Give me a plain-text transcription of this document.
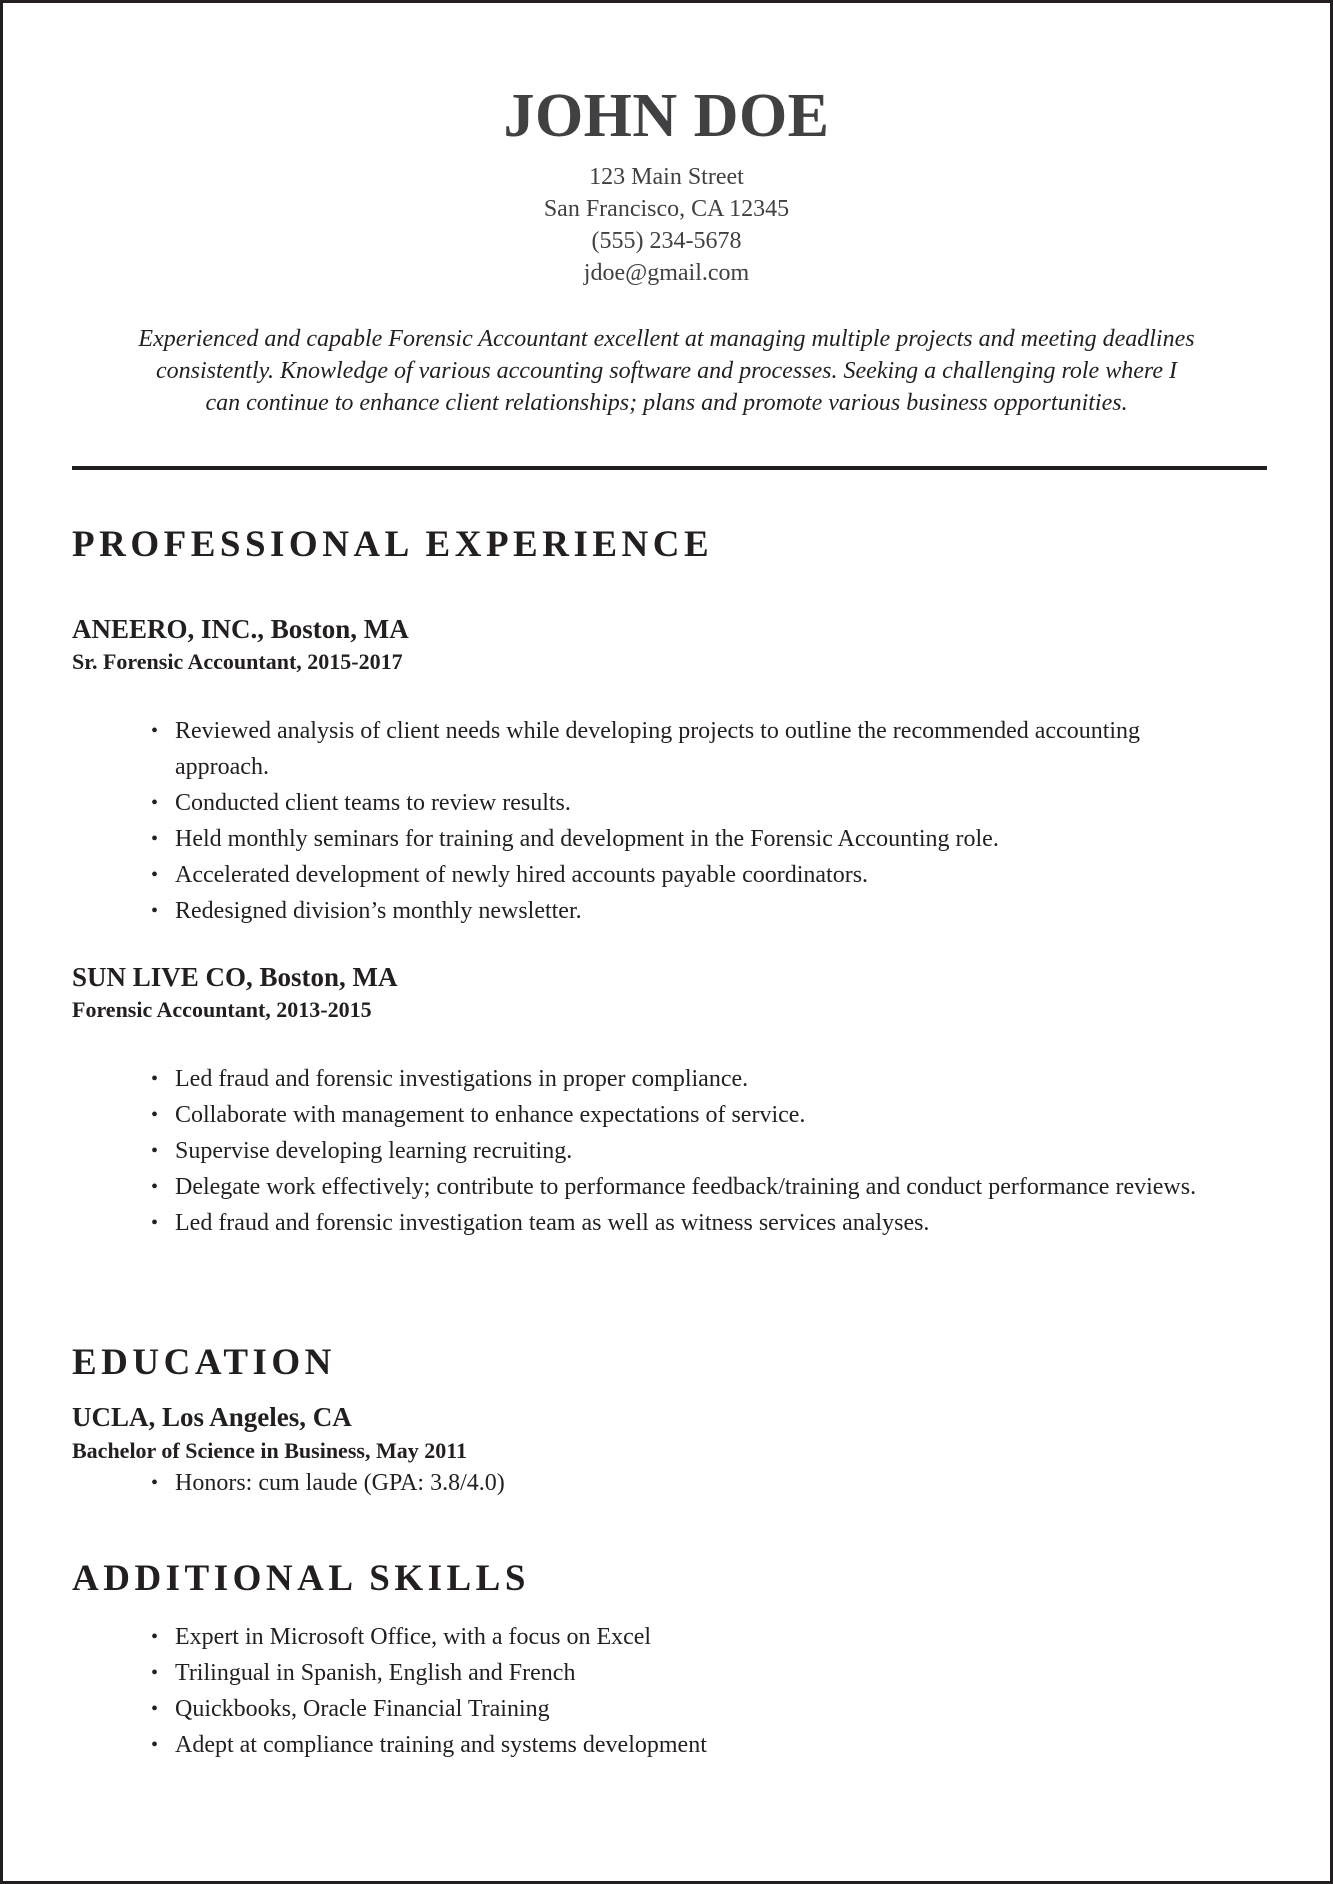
JOHN DOE
123 Main Street
San Francisco, CA 12345
(555) 234-5678
jdoe@gmail.com
Experienced and capable Forensic Accountant excellent at managing multiple projects and meeting deadlines
consistently. Knowledge of various accounting software and processes. Seeking a challenging role where I
can continue to enhance client relationships; plans and promote various business opportunities.
PROFESSIONAL EXPERIENCE
ANEERO, INC., Boston, MA
Sr. Forensic Accountant, 2015-2017
• Reviewed analysis of client needs while developing projects to outline the recommended accounting approach.
• Conducted client teams to review results.
• Held monthly seminars for training and development in the Forensic Accounting role.
• Accelerated development of newly hired accounts payable coordinators.
• Redesigned division’s monthly newsletter.
SUN LIVE CO, Boston, MA
Forensic Accountant, 2013-2015
• Led fraud and forensic investigations in proper compliance.
• Collaborate with management to enhance expectations of service.
• Supervise developing learning recruiting.
• Delegate work effectively; contribute to performance feedback/training and conduct performance reviews.
• Led fraud and forensic investigation team as well as witness services analyses.
EDUCATION
UCLA, Los Angeles, CA
Bachelor of Science in Business, May 2011
• Honors: cum laude (GPA: 3.8/4.0)
ADDITIONAL SKILLS
• Expert in Microsoft Office, with a focus on Excel
• Trilingual in Spanish, English and French
• Quickbooks, Oracle Financial Training
• Adept at compliance training and systems development
